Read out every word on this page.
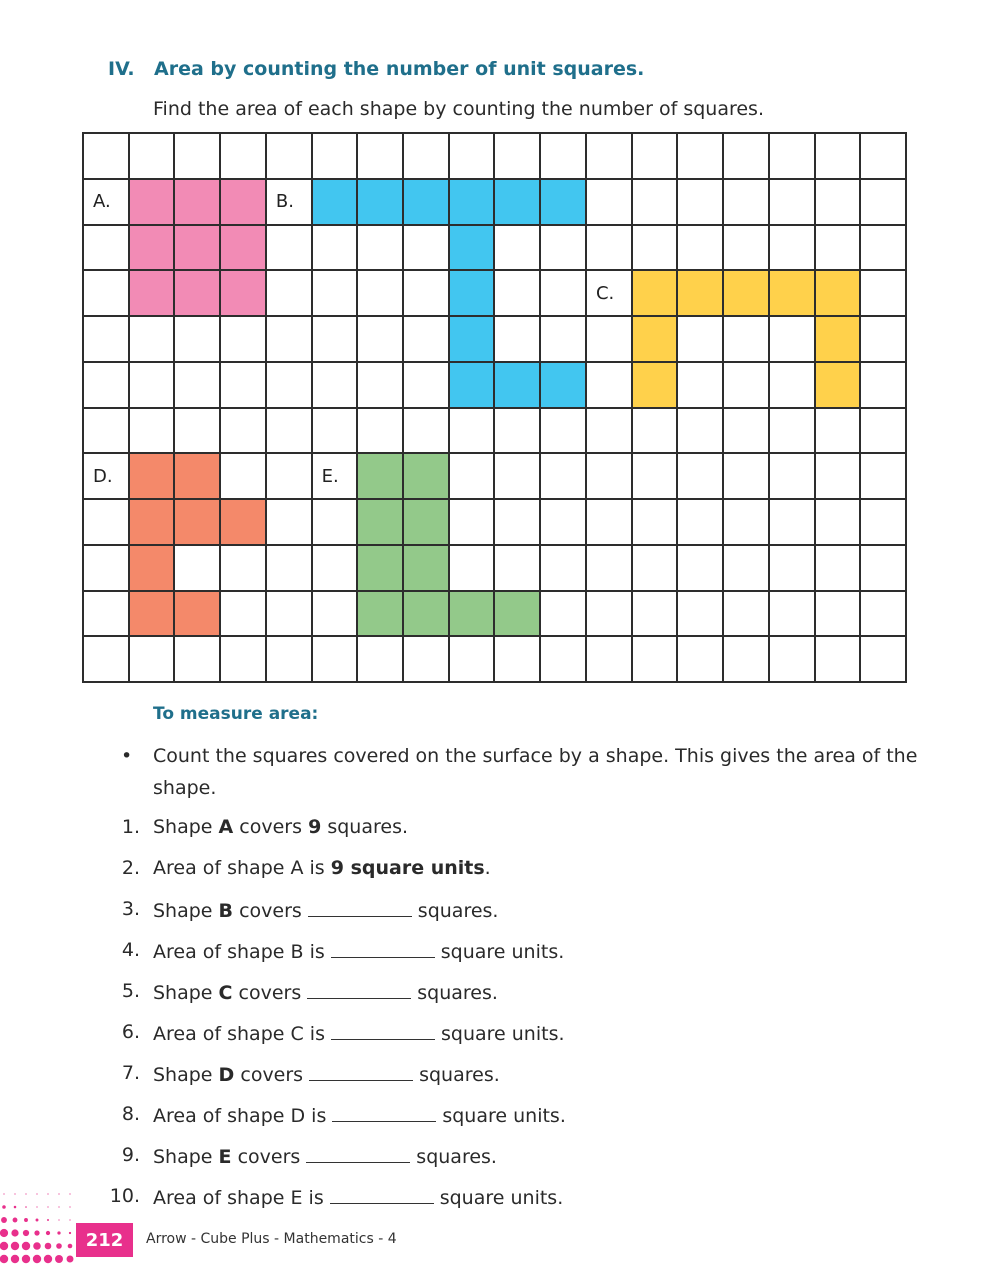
IV. Area by counting the number of unit squares.
Find the area of each shape by counting the number of squares.
A.	B.
C.
D.	E.
To measure area:
• Count the squares covered on the surface by a shape. This gives the area of the shape.
1. Shape A covers 9 squares.
2. Area of shape A is 9 square units.
3. Shape B covers	squares.
4. Area of shape B is	square units.
5. Shape C covers	squares.
6. Area of shape C is	square units.
7. Shape D covers	squares.
8. Area of shape D is	square units.
9. Shape E covers	squares.
10. Area of shape E is	square units.
212	Arrow - Cube Plus - Mathematics - 4
